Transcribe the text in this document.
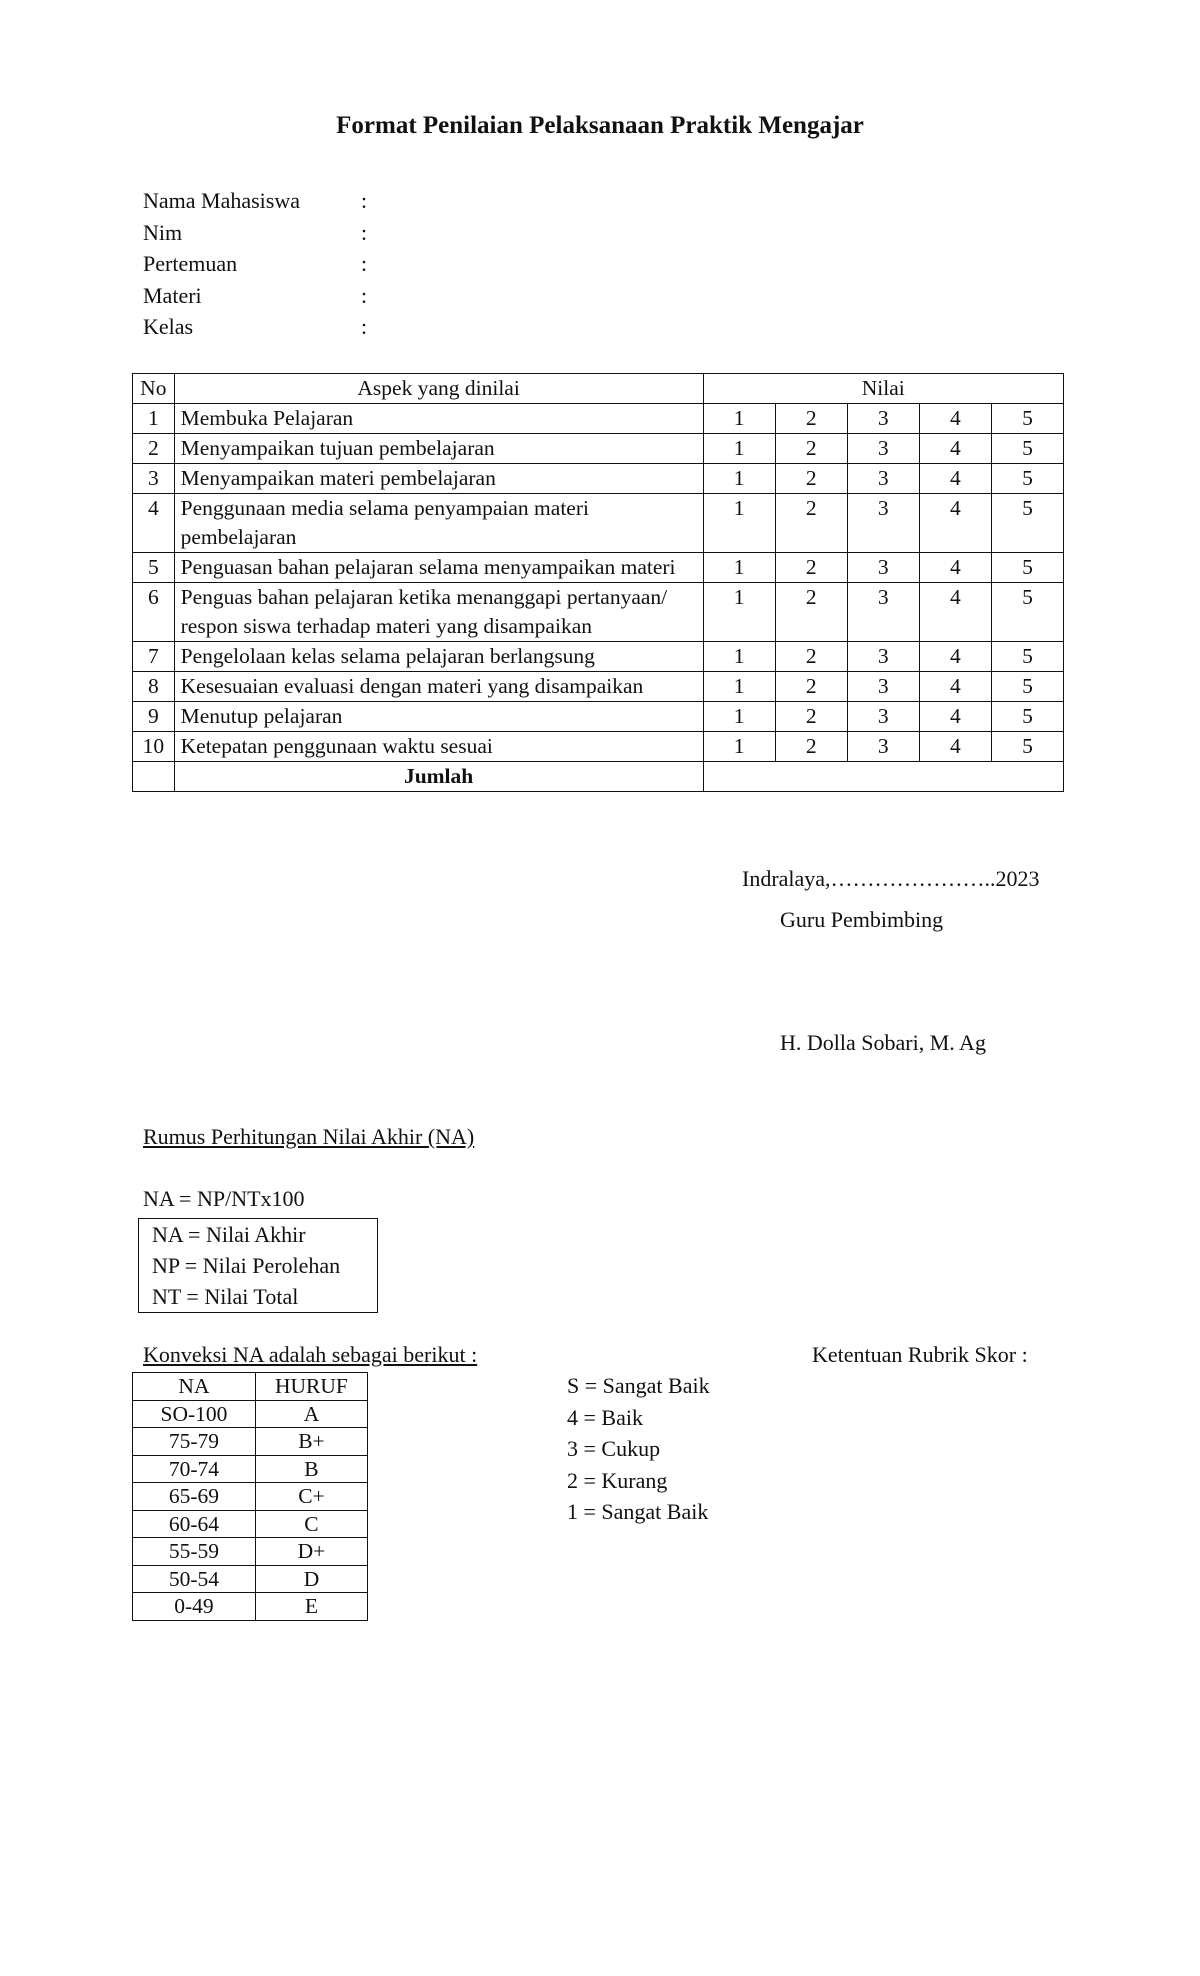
Format Penilaian Pelaksanaan Praktik Mengajar
Nama Mahasiswa	:
Nim	:
Pertemuan	:
Materi	:
Kelas	:
No	Aspek yang dinilai	Nilai				
1	Membuka Pelajaran	1	2	3	4	5
2	Menyampaikan tujuan pembelajaran	1	2	3	4	5
3	Menyampaikan materi pembelajaran	1	2	3	4	5
4	Penggunaan media selama penyampaian materi pembelajaran	1	2	3	4	5
5	Penguasan bahan pelajaran selama menyampaikan materi	1	2	3	4	5
6	Penguas bahan pelajaran ketika menanggapi pertanyaan/ respon siswa terhadap materi yang disampaikan	1	2	3	4	5
7	Pengelolaan kelas selama pelajaran berlangsung	1	2	3	4	5
8	Kesesuaian evaluasi dengan materi yang disampaikan	1	2	3	4	5
9	Menutup pelajaran	1	2	3	4	5
10	Ketepatan penggunaan waktu sesuai	1	2	3	4	5
	Jumlah					
Indralaya,…………………..2023
Guru Pembimbing
H. Dolla Sobari, M. Ag
Rumus Perhitungan Nilai Akhir (NA)
NA = NP/NTx100
NA = Nilai Akhir
NP = Nilai Perolehan
NT = Nilai Total
Konveksi NA adalah sebagai berikut :	Ketentuan Rubrik Skor :
NA	HURUF
SO-100	A
75-79	B+
70-74	B
65-69	C+
60-64	C
55-59	D+
50-54	D
0-49	E
S = Sangat Baik
4 = Baik
3 = Cukup
2 = Kurang
1 = Sangat Baik
